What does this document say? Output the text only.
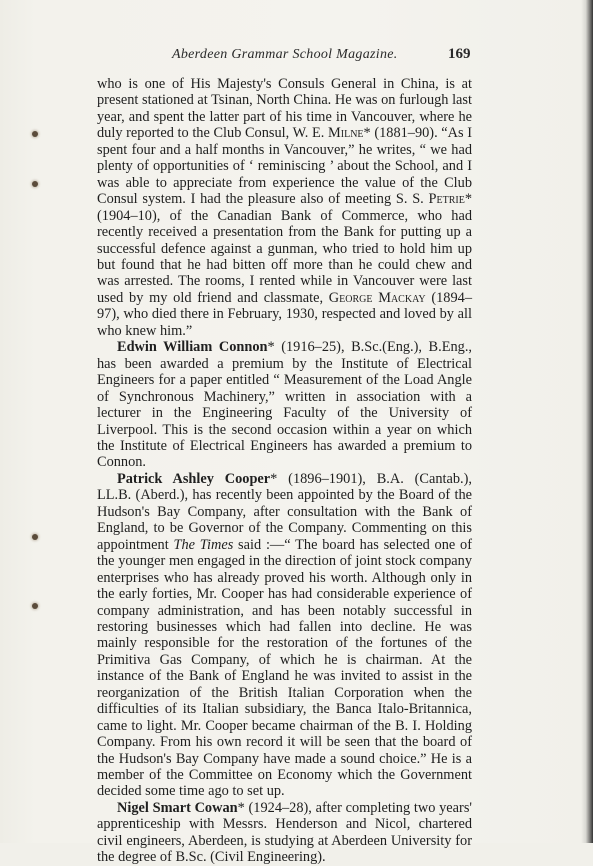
Aberdeen Grammar School Magazine.	169

who is one of His Majesty's Consuls General in China, is at present stationed at Tsinan, North China. He was on furlough last year, and spent the latter part of his time in Vancouver, where he duly reported to the Club Consul, W. E. Milne* (1881–90). “As I spent four and a half months in Vancouver,” he writes, “ we had plenty of opportunities of ‘ reminiscing ’ about the School, and I was able to appreciate from experience the value of the Club Consul system. I had the pleasure also of meeting S. S. Petrie* (1904–10), of the Canadian Bank of Commerce, who had recently received a presentation from the Bank for putting up a successful defence against a gunman, who tried to hold him up but found that he had bitten off more than he could chew and was arrested. The rooms, I rented while in Vancouver were last used by my old friend and classmate, George Mackay (1894–97), who died there in February, 1930, respected and loved by all who knew him.”

Edwin William Connon* (1916–25), B.Sc.(Eng.), B.Eng., has been awarded a premium by the Institute of Electrical Engineers for a paper entitled “ Measurement of the Load Angle of Synchronous Machinery,” written in association with a lecturer in the Engineering Faculty of the University of Liverpool. This is the second occasion within a year on which the Institute of Electrical Engineers has awarded a premium to Connon.

Patrick Ashley Cooper* (1896–1901), B.A. (Cantab.), LL.B. (Aberd.), has recently been appointed by the Board of the Hudson's Bay Company, after consultation with the Bank of England, to be Governor of the Company. Commenting on this appointment The Times said :—“ The board has selected one of the younger men engaged in the direction of joint stock company enterprises who has already proved his worth. Although only in the early forties, Mr. Cooper has had considerable experience of company administration, and has been notably successful in restoring businesses which had fallen into decline. He was mainly responsible for the restoration of the fortunes of the Primitiva Gas Company, of which he is chairman. At the instance of the Bank of England he was invited to assist in the reorganization of the British Italian Corporation when the difficulties of its Italian subsidiary, the Banca Italo-Britannica, came to light. Mr. Cooper became chairman of the B. I. Holding Company. From his own record it will be seen that the board of the Hudson's Bay Company have made a sound choice.” He is a member of the Committee on Economy which the Government decided some time ago to set up.

Nigel Smart Cowan* (1924–28), after completing two years' apprenticeship with Messrs. Henderson and Nicol, chartered civil engineers, Aberdeen, is studying at Aberdeen University for the degree of B.Sc. (Civil Engineering).
